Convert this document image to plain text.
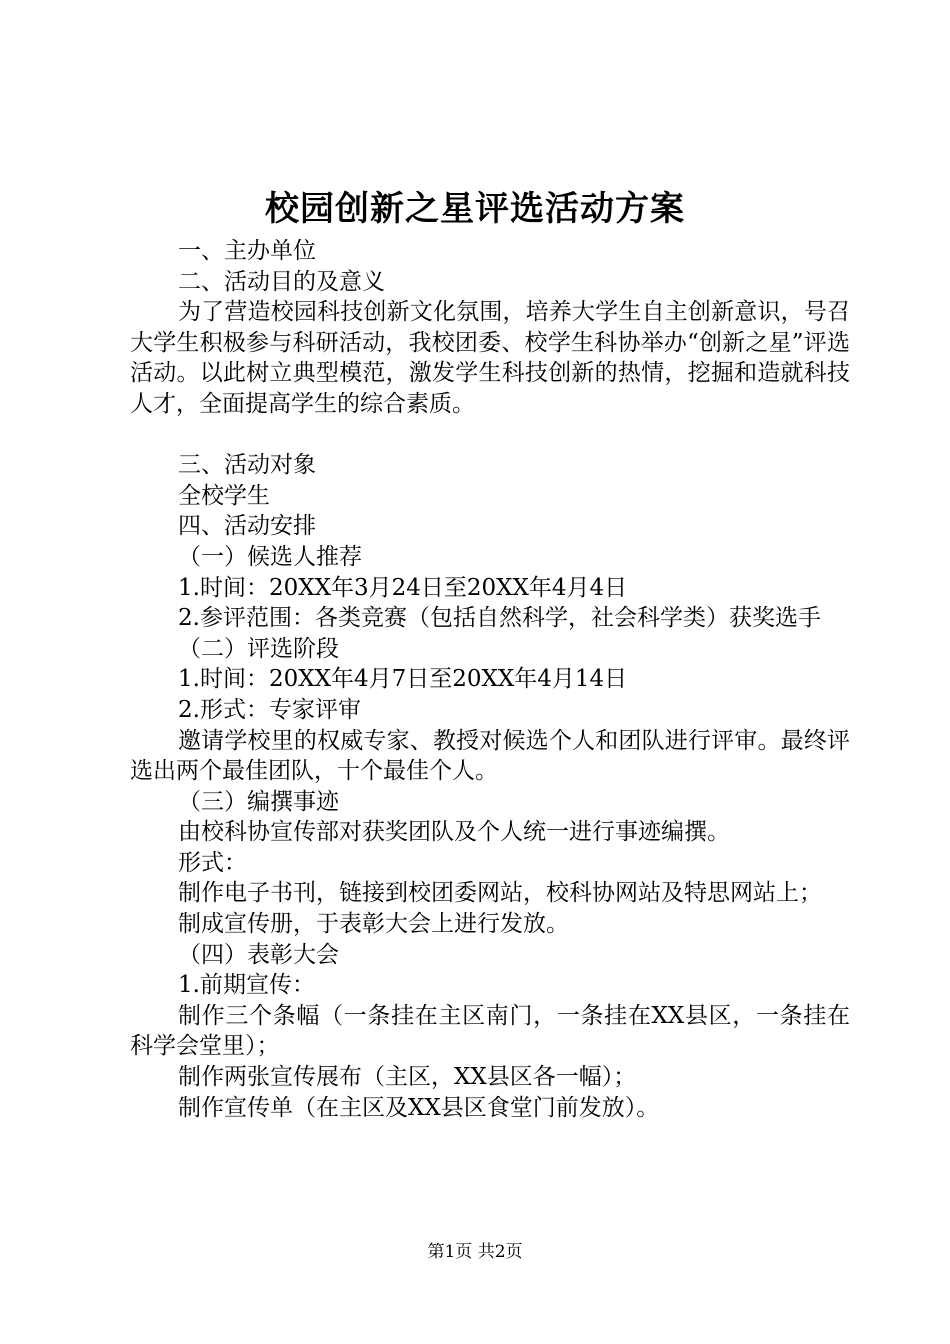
校园创新之星评选活动方案

一、主办单位

二、活动目的及意义

为了营造校园科技创新文化氛围，培养大学生自主创新意识，号召大学生积极参与科研活动，我校团委、校学生科协举办“创新之星”评选活动。以此树立典型模范，激发学生科技创新的热情，挖掘和造就科技人才，全面提高学生的综合素质。

三、活动对象

全校学生

四、活动安排

（一）候选人推荐

1.时间：20XX年3月24日至20XX年4月4日

2.参评范围：各类竞赛（包括自然科学，社会科学类）获奖选手

（二）评选阶段

1.时间：20XX年4月7日至20XX年4月14日

2.形式：专家评审

邀请学校里的权威专家、教授对候选个人和团队进行评审。最终评选出两个最佳团队，十个最佳个人。

（三）编撰事迹

由校科协宣传部对获奖团队及个人统一进行事迹编撰。

形式：

制作电子书刊，链接到校团委网站，校科协网站及特思网站上；

制成宣传册，于表彰大会上进行发放。

（四）表彰大会

1.前期宣传：

制作三个条幅（一条挂在主区南门，一条挂在XX县区，一条挂在科学会堂里）；

制作两张宣传展布（主区，XX县区各一幅）；

制作宣传单（在主区及XX县区食堂门前发放）。

第1页 共2页
